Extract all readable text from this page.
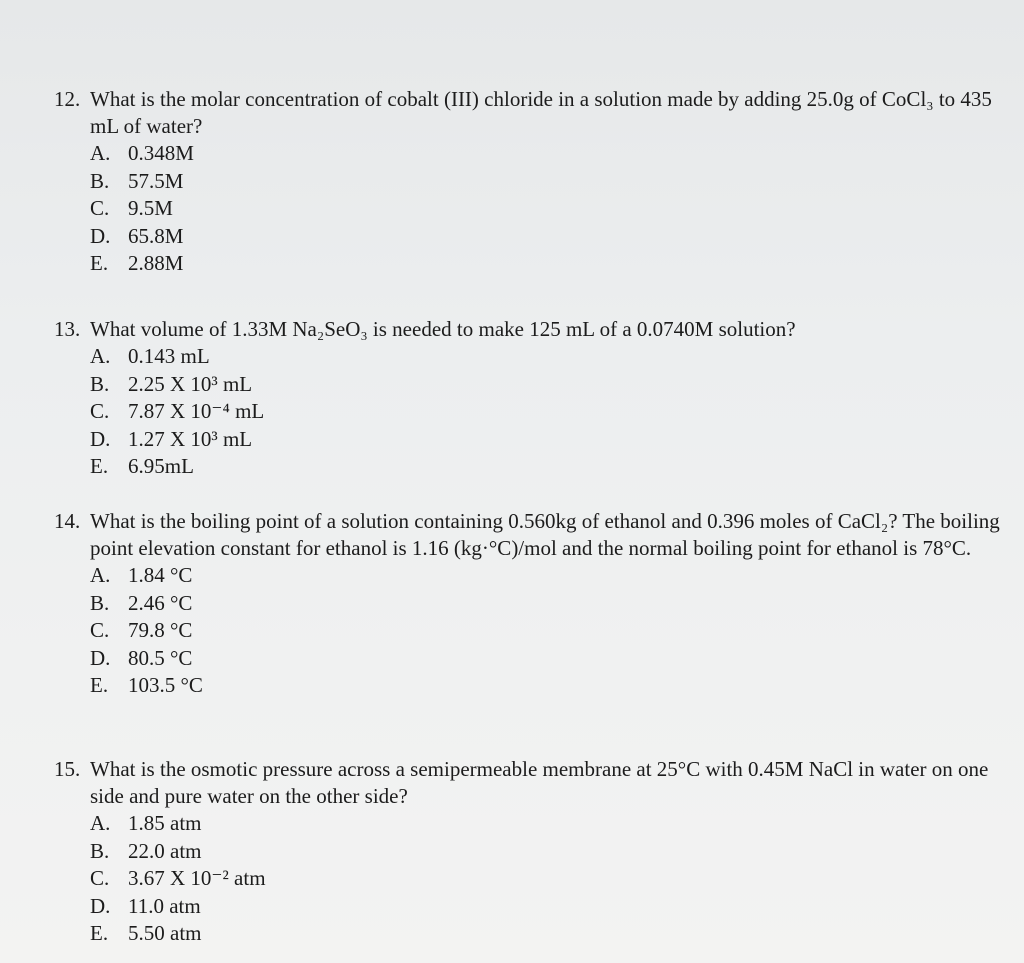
12. What is the molar concentration of cobalt (III) chloride in a solution made by adding 25.0g of CoCl₃ to 435 mL of water?
A. 0.348M
B. 57.5M
C. 9.5M
D. 65.8M
E. 2.88M
13. What volume of 1.33M Na₂SeO₃ is needed to make 125 mL of a 0.0740M solution?
A. 0.143 mL
B. 2.25 X 10³ mL
C. 7.87 X 10⁻⁴ mL
D. 1.27 X 10³ mL
E. 6.95mL
14. What is the boiling point of a solution containing 0.560kg of ethanol and 0.396 moles of CaCl₂? The boiling point elevation constant for ethanol is 1.16 (kg·°C)/mol and the normal boiling point for ethanol is 78°C.
A. 1.84 °C
B. 2.46 °C
C. 79.8 °C
D. 80.5 °C
E. 103.5 °C
15. What is the osmotic pressure across a semipermeable membrane at 25°C with 0.45M NaCl in water on one side and pure water on the other side?
A. 1.85 atm
B. 22.0 atm
C. 3.67 X 10⁻² atm
D. 11.0 atm
E. 5.50 atm
